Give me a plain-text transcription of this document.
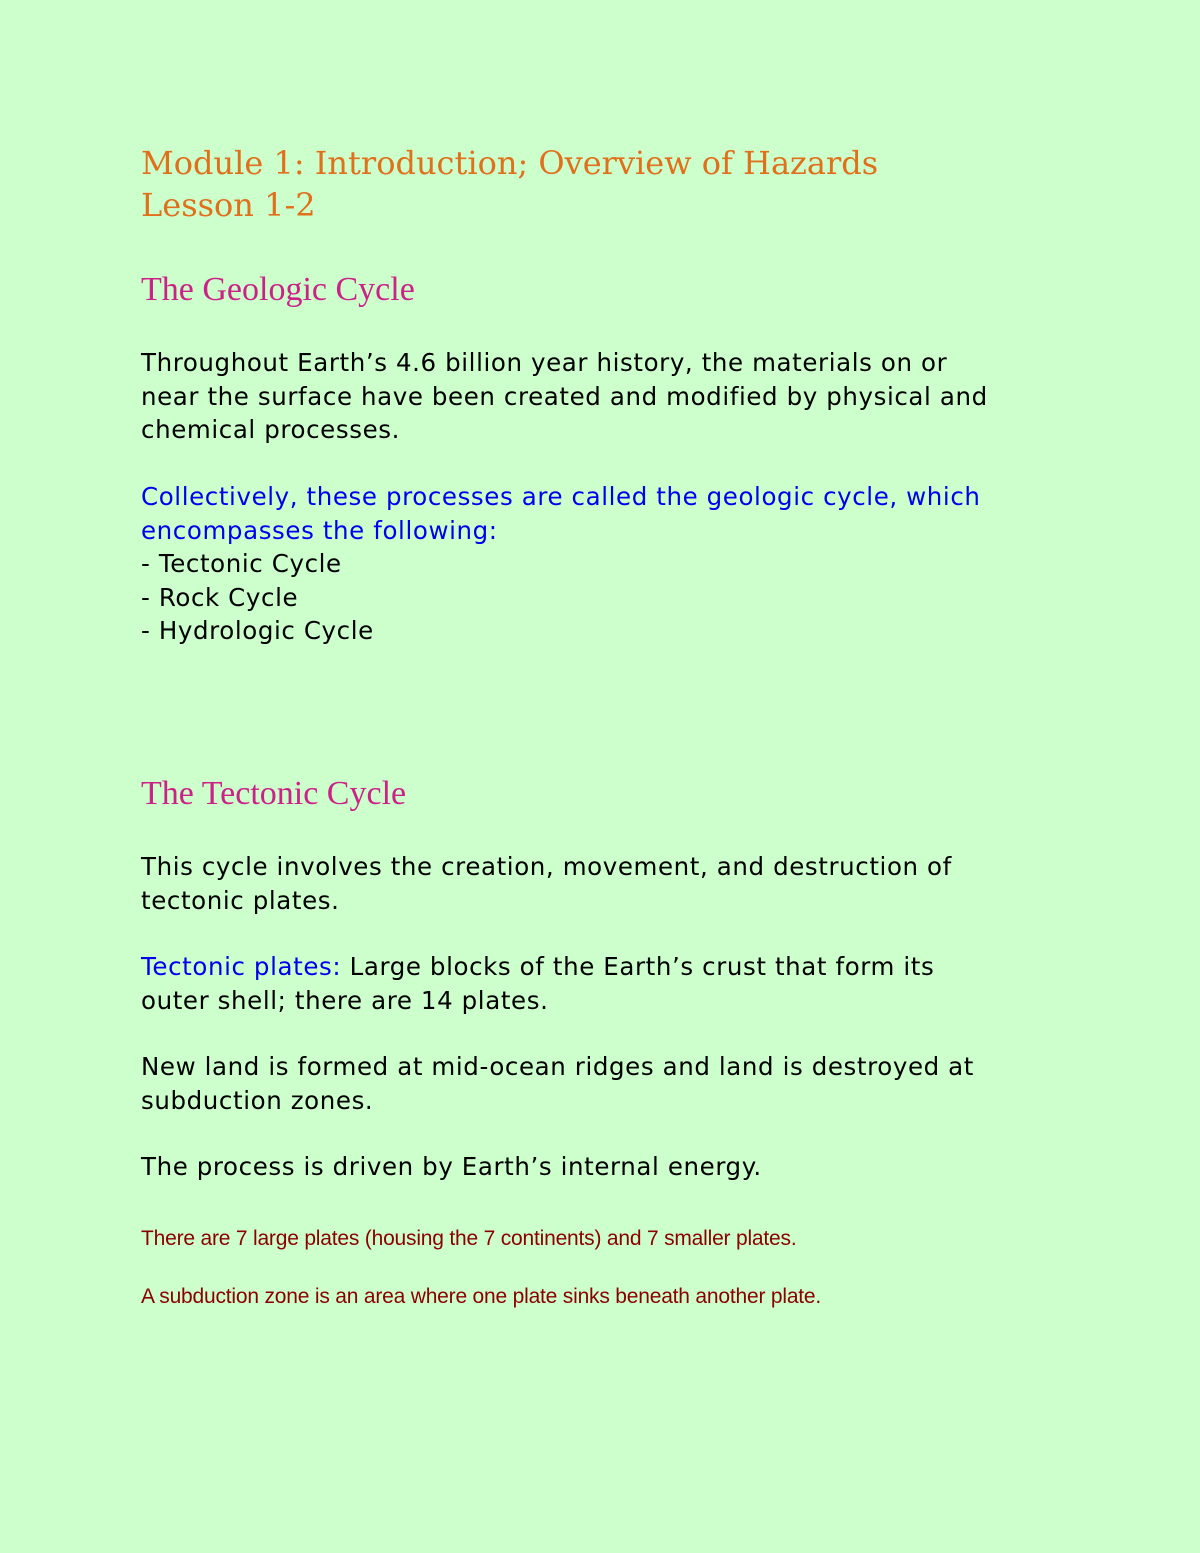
Module 1: Introduction; Overview of Hazards
Lesson 1-2
The Geologic Cycle
Throughout Earth’s 4.6 billion year history, the materials on or
near the surface have been created and modified by physical and
chemical processes.
Collectively, these processes are called the geologic cycle, which
encompasses the following:
- Tectonic Cycle
- Rock Cycle
- Hydrologic Cycle
The Tectonic Cycle
This cycle involves the creation, movement, and destruction of
tectonic plates.
Tectonic plates: Large blocks of the Earth’s crust that form its
outer shell; there are 14 plates.
New land is formed at mid-ocean ridges and land is destroyed at
subduction zones.
The process is driven by Earth’s internal energy.
There are 7 large plates (housing the 7 continents) and 7 smaller plates.
A subduction zone is an area where one plate sinks beneath another plate.
